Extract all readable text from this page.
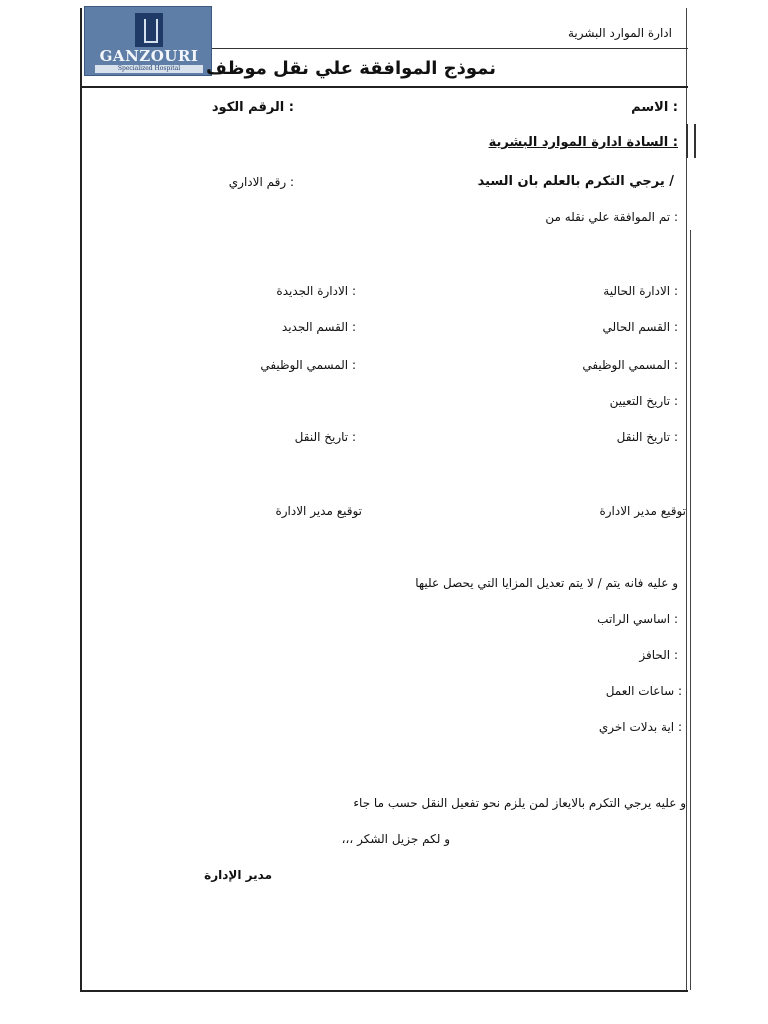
GANZOURI
Specialized Hospital
ادارة الموارد البشرية
نموذج الموافقة علي نقل موظف
: الاسم
: الرقم الكود
: السادة ادارة الموارد البشرية
/ يرجي التكرم بالعلم بان السيد
: رقم الاداري
: تم الموافقة علي نقله من
: الادارة الحالية
: الادارة الجديدة
: القسم الحالي
: القسم الجديد
: المسمي الوظيفي
: المسمي الوظيفي
: تاريخ التعيين
: تاريخ النقل
: تاريخ النقل
توقيع مدير الادارة
توقيع مدير الادارة
و عليه فانه يتم / لا يتم تعديل المزايا التي يحصل عليها
: اساسي الراتب
: الحافز
: ساعات العمل
: اية بدلات اخري
و عليه يرجي التكرم بالايعاز لمن يلزم نحو تفعيل النقل حسب ما جاء
و لكم جزيل الشكر ،،،
مدير الإدارة
